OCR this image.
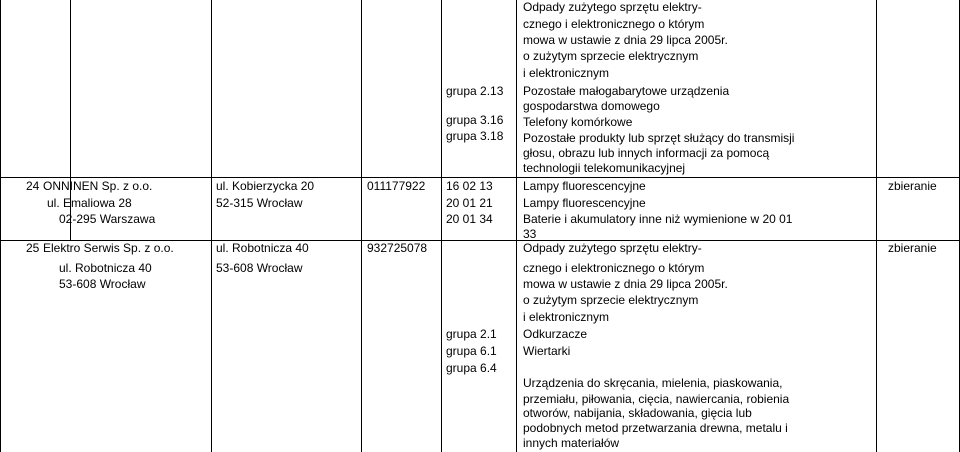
Odpady zużytego sprzętu elektry-
cznego i elektronicznego o którym
mowa w ustawie z dnia 29 lipca 2005r.
o zużytym sprzecie elektrycznym
i elektronicznym
grupa 2.13
grupa 3.16
grupa 3.18
Pozostałe małogabarytowe urządzenia
gospodarstwa domowego
Telefony komórkowe
Pozostałe produkty lub sprzęt służący do transmisji
głosu, obrazu lub innych informacji za pomocą
technologii telekomunikacyjnej
24 ONNINEN Sp. z o.o.
ul. Emaliowa 28
02-295 Warszawa
ul. Kobierzycka 20
52-315 Wrocław
011177922 16 02 13
20 01 21
20 01 34
Lampy fluorescencyjne
Lampy fluorescencyjne
Baterie i akumulatory inne niż wymienione w 20 01
33
zbieranie
25 Elektro Serwis Sp. z o.o.
ul. Robotnicza 40
53-608 Wrocław
ul. Robotnicza 40
53-608 Wrocław
932725078	Odpady zużytego sprzętu elektry-
cznego i elektronicznego o którym
mowa w ustawie z dnia 29 lipca 2005r.
o zużytym sprzecie elektrycznym
i elektronicznym
grupa 2.1
grupa 6.1
grupa 6.4
Odkurzacze
Wiertarki
Urządzenia do skręcania, mielenia, piaskowania,
przemiału, piłowania, cięcia, nawiercania, robienia
otworów, nabijania, składowania, gięcia lub
podobnych metod przetwarzania drewna, metalu i
innych materiałów
zbieranie
